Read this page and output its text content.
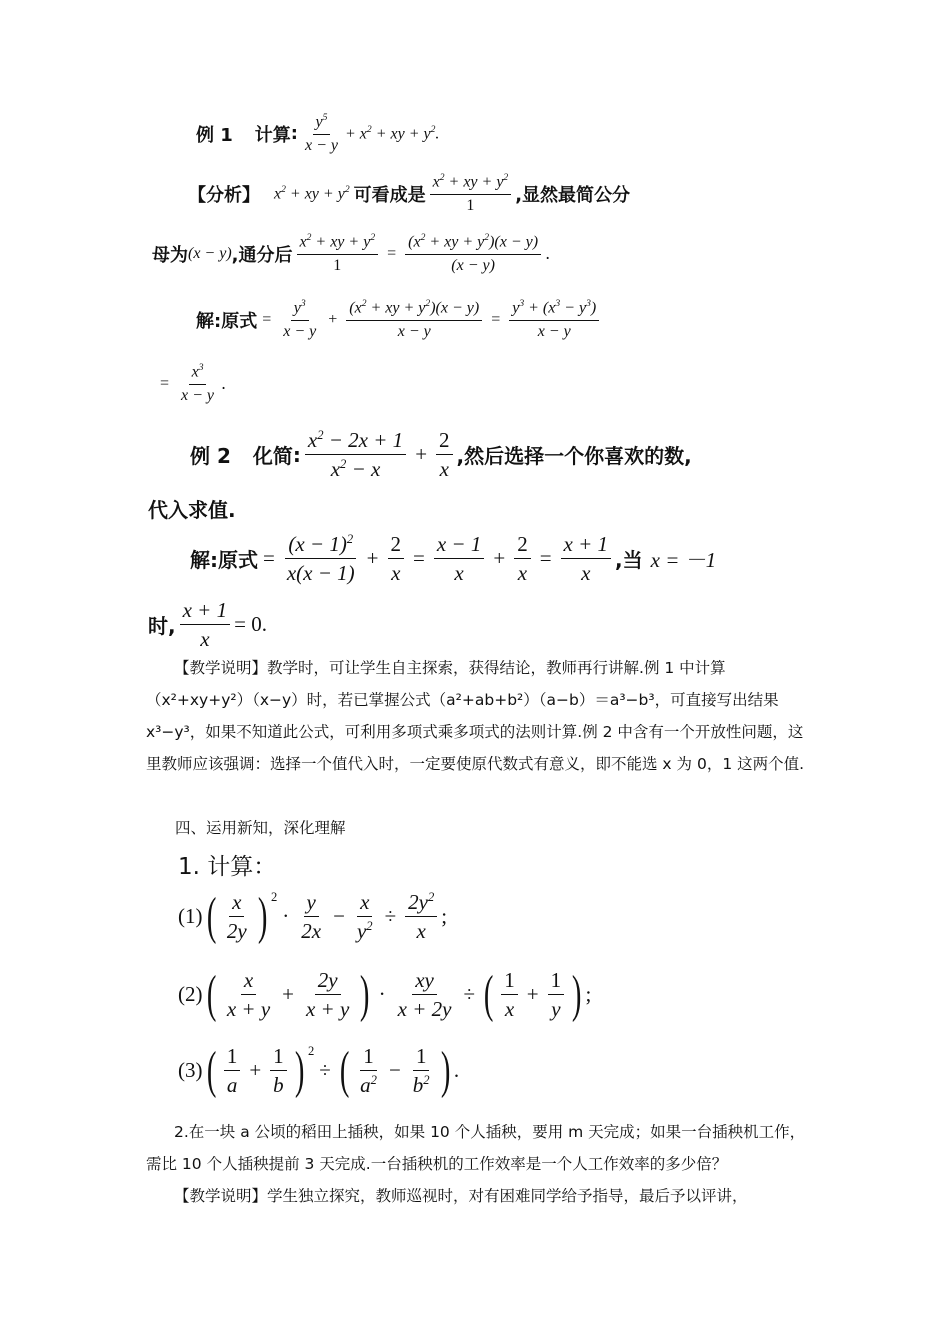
例 1 计算 : $\frac{y^5}{x - y} + x^2$ + xy + $y^2$.
【分析】 $x^2$ + xy + $y^2$ 可看成是 $\frac{x^2 + xy + y^2}{1}$ ,显然最简公分
母为 (x − y) ,通分后 $\frac{x^2 + xy + y^2}{1} = \frac{(x^2 + xy + y^2)(x - y)}{(x - y)}$ .
解:原式 = $\frac{y^3}{x - y} + \frac{(x^2 + xy + y^2)(x - y)}{x - y} = \frac{y^3 + (x^3 - y^3)}{x - y}$
= $\frac{x^3}{x - y}$ .
例 2 化简 : $\frac{x^2 - 2x + 1}{x^2 - x} + \frac{2}{x}$ ,然后选择一个你喜欢的数,
代入求值.
解:原式 = $\frac{(x - 1)^2}{x(x - 1)} + \frac{2}{x} = \frac{x - 1}{x} + \frac{2}{x} = \frac{x + 1}{x}$ ,当 x = －1
时, $\frac{x + 1}{x} = 0$.

【教学说明】教学时，可让学生自主探索，获得结论，教师再行讲解.例 1 中计算（x²+xy+y²）（x−y）时，若已掌握公式（a²+ab+b²）（a−b）＝a³−b³，可直接写出结果 x³−y³，如果不知道此公式，可利用多项式乘多项式的法则计算.例 2 中含有一个开放性问题，这里教师应该强调：选择一个值代入时，一定要使原代数式有意义，即不能选 x 为 0，1 这两个值.

四、运用新知，深化理解
1. 计算：
(1) ( $\frac{x}{2y}$ ) $^2$
· $\frac{y}{2x} - \frac{x}{y^2} \div \frac{2y^2}{x}$ ;
(2) ( $\frac{x}{x + y} + \frac{2y}{x + y}$ ) · $\frac{xy}{x + 2y}$ ÷ ( $\frac{1}{x} + \frac{1}{y}$ ) ;
(3) ( $\frac{1}{a} + \frac{1}{b}$ ) $^2$
÷ ( $\frac{1}{a^2} - \frac{1}{b^2}$ ) .

2.在一块 a 公顷的稻田上插秧，如果 10 个人插秧，要用 m 天完成；如果一台插秧机工作，需比 10 个人插秧提前 3 天完成.一台插秧机的工作效率是一个人工作效率的多少倍？

【教学说明】学生独立探究，教师巡视时，对有困难同学给予指导，最后予以评讲，
